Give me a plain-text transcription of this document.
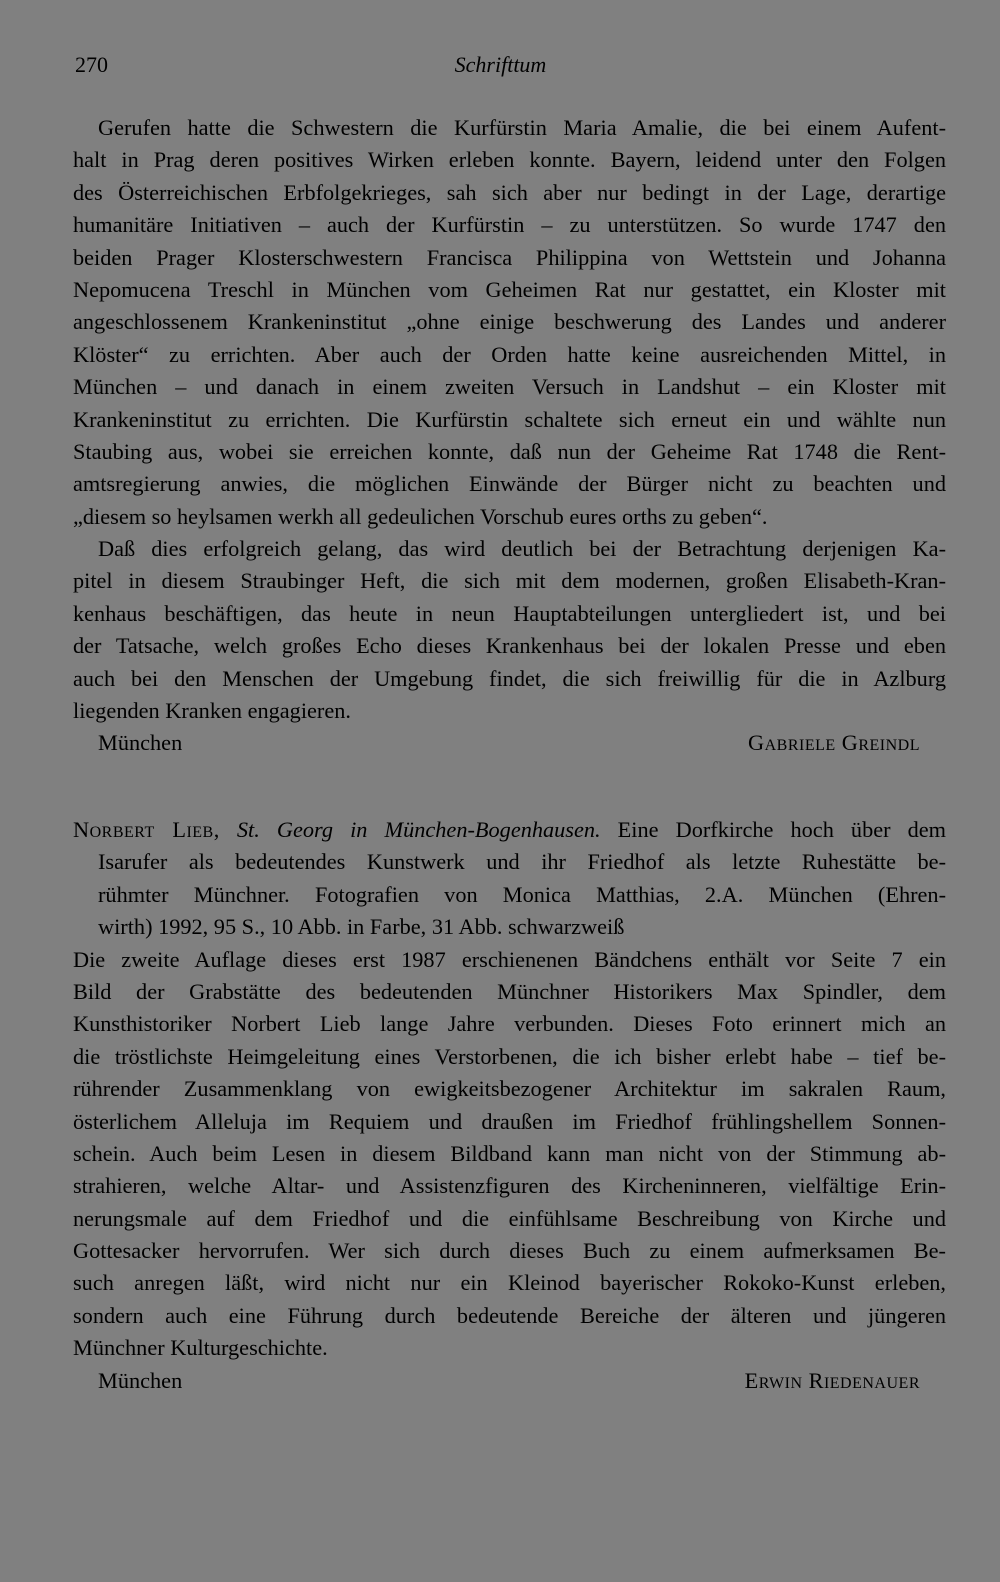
270	Schrifttum
Gerufen hatte die Schwestern die Kurfürstin Maria Amalie, die bei einem Aufent-
halt in Prag deren positives Wirken erleben konnte. Bayern, leidend unter den Folgen
des Österreichischen Erbfolgekrieges, sah sich aber nur bedingt in der Lage, derartige
humanitäre Initiativen – auch der Kurfürstin – zu unterstützen. So wurde 1747 den
beiden Prager Klosterschwestern Francisca Philippina von Wettstein und Johanna
Nepomucena Treschl in München vom Geheimen Rat nur gestattet, ein Kloster mit
angeschlossenem Krankeninstitut „ohne einige beschwerung des Landes und anderer
Klöster“ zu errichten. Aber auch der Orden hatte keine ausreichenden Mittel, in
München – und danach in einem zweiten Versuch in Landshut – ein Kloster mit
Krankeninstitut zu errichten. Die Kurfürstin schaltete sich erneut ein und wählte nun
Staubing aus, wobei sie erreichen konnte, daß nun der Geheime Rat 1748 die Rent-
amtsregierung anwies, die möglichen Einwände der Bürger nicht zu beachten und
„diesem so heylsamen werkh all gedeulichen Vorschub eures orths zu geben“.
Daß dies erfolgreich gelang, das wird deutlich bei der Betrachtung derjenigen Ka-
pitel in diesem Straubinger Heft, die sich mit dem modernen, großen Elisabeth-Kran-
kenhaus beschäftigen, das heute in neun Hauptabteilungen untergliedert ist, und bei
der Tatsache, welch großes Echo dieses Krankenhaus bei der lokalen Presse und eben
auch bei den Menschen der Umgebung findet, die sich freiwillig für die in Azlburg
liegenden Kranken engagieren.
München	Gabriele Greindl
Norbert Lieb, St. Georg in München-Bogenhausen. Eine Dorfkirche hoch über dem
Isarufer als bedeutendes Kunstwerk und ihr Friedhof als letzte Ruhestätte be-
rühmter Münchner. Fotografien von Monica Matthias, 2.A. München (Ehren-
wirth) 1992, 95 S., 10 Abb. in Farbe, 31 Abb. schwarzweiß
Die zweite Auflage dieses erst 1987 erschienenen Bändchens enthält vor Seite 7 ein
Bild der Grabstätte des bedeutenden Münchner Historikers Max Spindler, dem
Kunsthistoriker Norbert Lieb lange Jahre verbunden. Dieses Foto erinnert mich an
die tröstlichste Heimgeleitung eines Verstorbenen, die ich bisher erlebt habe – tief be-
rührender Zusammenklang von ewigkeitsbezogener Architektur im sakralen Raum,
österlichem Alleluja im Requiem und draußen im Friedhof frühlingshellem Sonnen-
schein. Auch beim Lesen in diesem Bildband kann man nicht von der Stimmung ab-
strahieren, welche Altar- und Assistenzfiguren des Kircheninneren, vielfältige Erin-
nerungsmale auf dem Friedhof und die einfühlsame Beschreibung von Kirche und
Gottesacker hervorrufen. Wer sich durch dieses Buch zu einem aufmerksamen Be-
such anregen läßt, wird nicht nur ein Kleinod bayerischer Rokoko-Kunst erleben,
sondern auch eine Führung durch bedeutende Bereiche der älteren und jüngeren
Münchner Kulturgeschichte.
München	Erwin Riedenauer
